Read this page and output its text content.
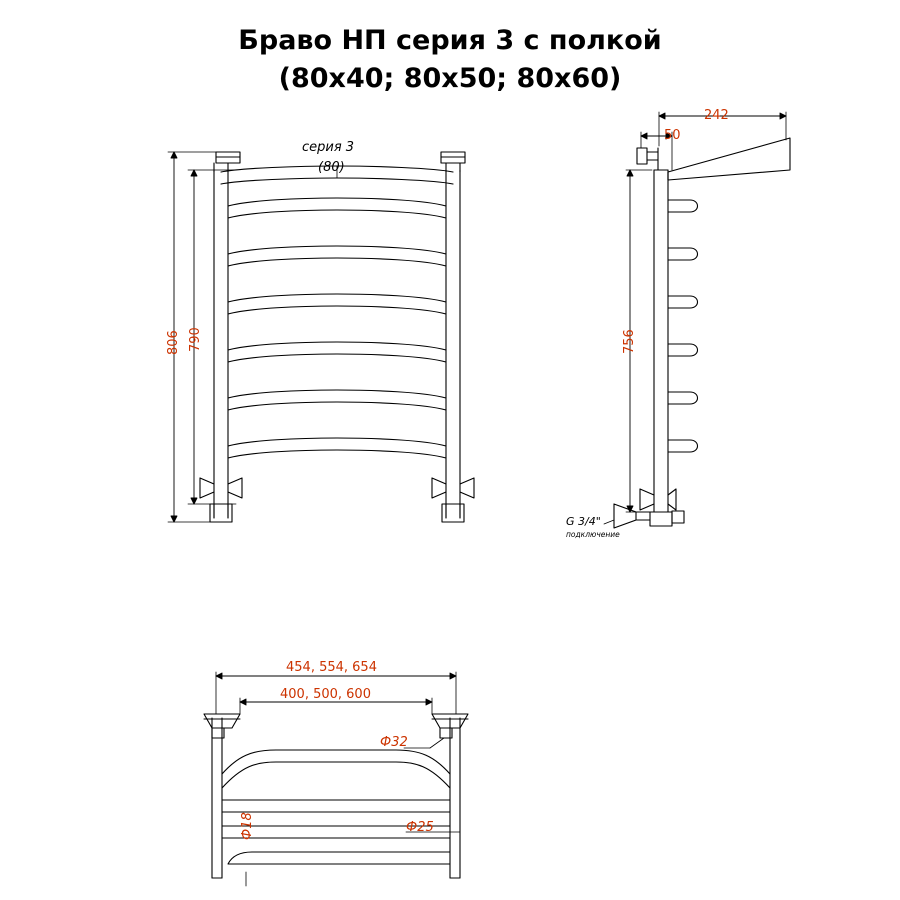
Браво НП серия 3 с полкой
(80x40; 80x50; 80x60)
серия 3
(80)
806 790
242
50
756
G 3/4"
подключение
454, 554, 654
400, 500, 600
Ф32
Ф25
Ф18
